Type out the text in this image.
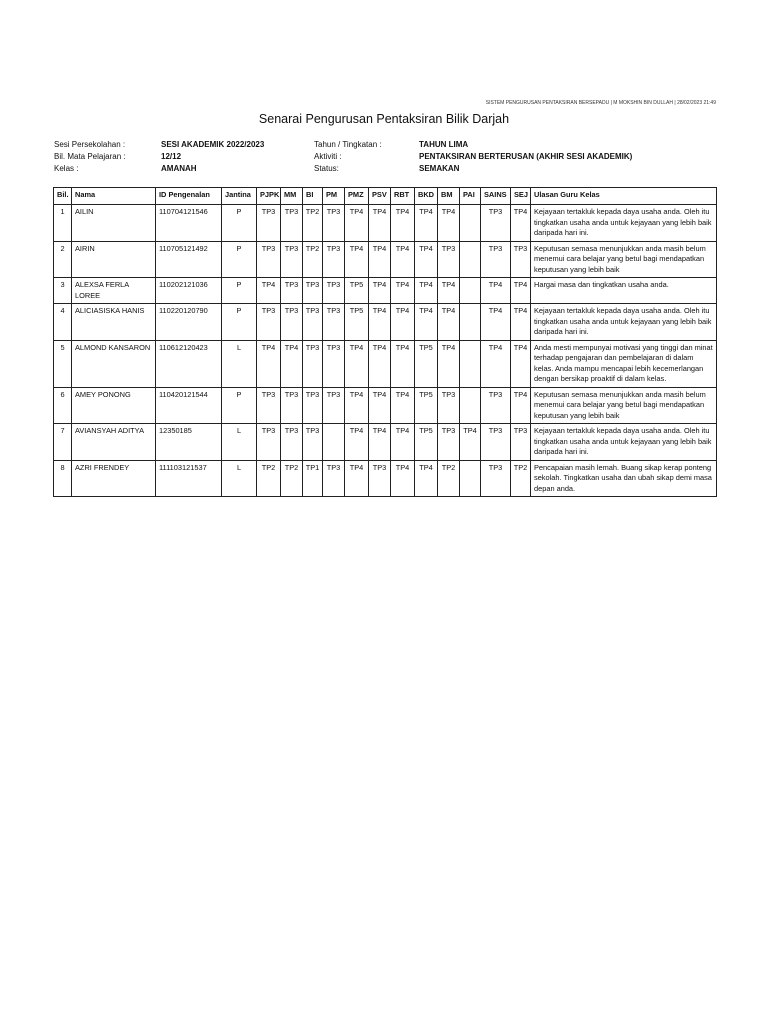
SISTEM PENGURUSAN PENTAKSIRAN BERSEPADU | M MOKSHIN BIN DULLAH | 28/02/2023 21:49
Senarai Pengurusan Pentaksiran Bilik Darjah
Sesi Persekolahan :	SESI AKADEMIK 2022/2023
Bil. Mata Pelajaran :	12/12
Kelas :	AMANAH
Tahun / Tingkatan :	TAHUN LIMA
Aktiviti :	PENTAKSIRAN BERTERUSAN (AKHIR SESI AKADEMIK)
Status:	SEMAKAN
Bil.	Nama	ID Pengenalan	Jantina	PJPK	MM	BI	PM	PMZ	PSV	RBT	BKD	BM	PAI	SAINS	SEJ	Ulasan Guru Kelas
1	AILIN	110704121546	P	TP3	TP3	TP2	TP3	TP4	TP4	TP4	TP4	TP4		TP3	TP4	Kejayaan tertakluk kepada daya usaha anda. Oleh itu tingkatkan usaha anda untuk kejayaan yang lebih baik daripada hari ini.
2	AIRIN	110705121492	P	TP3	TP3	TP2	TP3	TP4	TP4	TP4	TP4	TP3		TP3	TP3	Keputusan semasa menunjukkan anda masih belum menemui cara belajar yang betul bagi mendapatkan keputusan yang lebih baik
3	ALEXSA FERLA LOREE	110202121036	P	TP4	TP3	TP3	TP3	TP5	TP4	TP4	TP4	TP4		TP4	TP4	Hargai masa dan tingkatkan usaha anda.
4	ALICIASISKA HANIS	110220120790	P	TP3	TP3	TP3	TP3	TP5	TP4	TP4	TP4	TP4		TP4	TP4	Kejayaan tertakluk kepada daya usaha anda. Oleh itu tingkatkan usaha anda untuk kejayaan yang lebih baik daripada hari ini.
5	ALMOND KANSARON	110612120423	L	TP4	TP4	TP3	TP3	TP4	TP4	TP4	TP5	TP4		TP4	TP4	Anda mesti mempunyai motivasi yang tinggi dan minat terhadap pengajaran dan pembelajaran di dalam kelas. Anda mampu mencapai lebih kecemerlangan dengan bersikap proaktif di dalam kelas.
6	AMEY PONONG	110420121544	P	TP3	TP3	TP3	TP3	TP4	TP4	TP4	TP5	TP3		TP3	TP4	Keputusan semasa menunjukkan anda masih belum menemui cara belajar yang betul bagi mendapatkan keputusan yang lebih baik
7	AVIANSYAH ADITYA	12350185	L	TP3	TP3	TP3		TP4	TP4	TP4	TP5	TP3	TP4	TP3	TP3	Kejayaan tertakluk kepada daya usaha anda. Oleh itu tingkatkan usaha anda untuk kejayaan yang lebih baik daripada hari ini.
8	AZRI FRENDEY	111103121537	L	TP2	TP2	TP1	TP3	TP4	TP3	TP4	TP4	TP2		TP3	TP2	Pencapaian masih lemah. Buang sikap kerap ponteng sekolah. Tingkatkan usaha dan ubah sikap demi masa depan anda.
